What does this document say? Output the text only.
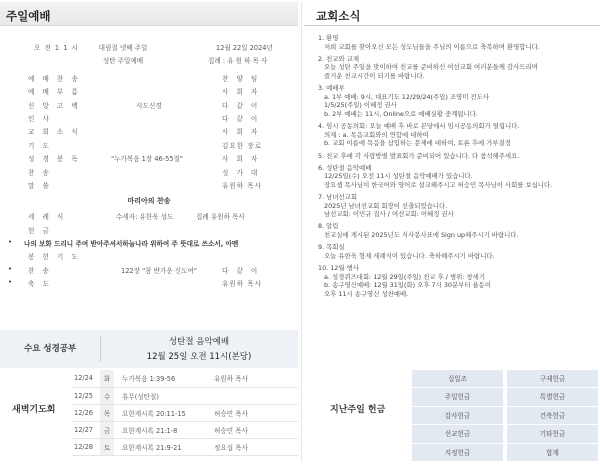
주일예배	교회소식
오 전 1 1 시	대림절 넷째 주일	12월 22일 2024년
성탄 주일예배	집례 : 유 원 하 목 사
예 배 찬 송	찬 양 팀
예 배 부 름	사 회 자
신 앙 고 백	사도신경	다 같 이
인 사	다 같 이
교 회 소 식	사 회 자
기 도	김요한 장로
성 경 봉 독	"누가복음 1장 46-55절"	사 회 자
찬 송	성 가 대
말 씀	유원하 목사
마리아의 찬송
세 례 식	수세자: 유한욱 성도	집례 유원하 목사
헌 금
• 나의 보화 드리니 주여 받아주셔서하늘나라 위하여 주 뜻대로 쓰소서, 아멘
봉 헌 기 도
• 찬 송	122장 "참 반가운 신도여"	다 같 이
• 축 도	유원하 목사
수요 성경공부
성탄절 음악예배
12월 25일 오전 11시(본당)
새벽기도회
12/24	화	누가복음 1:39-56	유원하 목사
12/25	수	휴무(성탄절)	
12/26	목	요한계시록 20:11-15	허승민 목사
12/27	금	요한계시록 21:1-8	허승민 목사
12/28	토	요한계시록 21:9-21	정요섭 목사
1. 환영
저희 교회를 찾아오신 모든 성도님들을 주님의 이름으로 축복하며 환영합니다.
2. 친교와 교제
오늘 성탄 주일을 맞이하여 친교를 준비하신 여선교회 여러분들께 감사드리며
즐거운 친교시간이 되기를 바랍니다.
3. 예배부
a. 1부 예배: 9시, 대표기도 12/29/24(주일) 조영미 전도사
1/5/25(주일) 이혜정 권사
b. 2부 예배는 11시, Online으로 예배실황 중계됩니다.
4. 임시 공동의회: 오늘 예배 후 바로 본당에서 임시공동의회가 열립니다.
의제 : a. 목음교회와의 연합에 대하여
b. 교회 이름에 목음을 삽입하는 문제에 대하여, 토론 후에 가부결정
5. 친교 후에 각 사랑방별 발표회가 준비되어 있습니다. 다 참석해주세요.
6. 성탄절 음악예배
12/25일(수) 오전 11시 성탄절 음악예배가 있습니다.
장요셉 목사님이 한국어와 영어로 설교해주시고 허승민 목사님이 사회를 보십니다.
7. 남녀선교회
2025년 남녀선교회 회장이 선출되었습니다.
남선교회: 이민규 집사 / 여선교회: 이혜정 권사
8. 알림
친교실에 게시된 2025년도 식사봉사표에 Sign up해주시기 바랍니다.
9. 목회실
오늘 유한욱 형제 세례식이 있습니다. 축하해주시기 바랍니다.
10. 12월 행사
a. 성경퀴즈대회: 12월 29일(주일) 친교 후 / 범위: 창세기
b. 송구영신예배: 12월 31일(화) 오후 7시 30분부터 율동이
오후 11시 송구영신 성찬예배.
지난주일 헌금
십일조	구제헌금
주일헌금	특별헌금
감사헌금	건축헌금
선교헌금	기타헌금
지정헌금	합계
